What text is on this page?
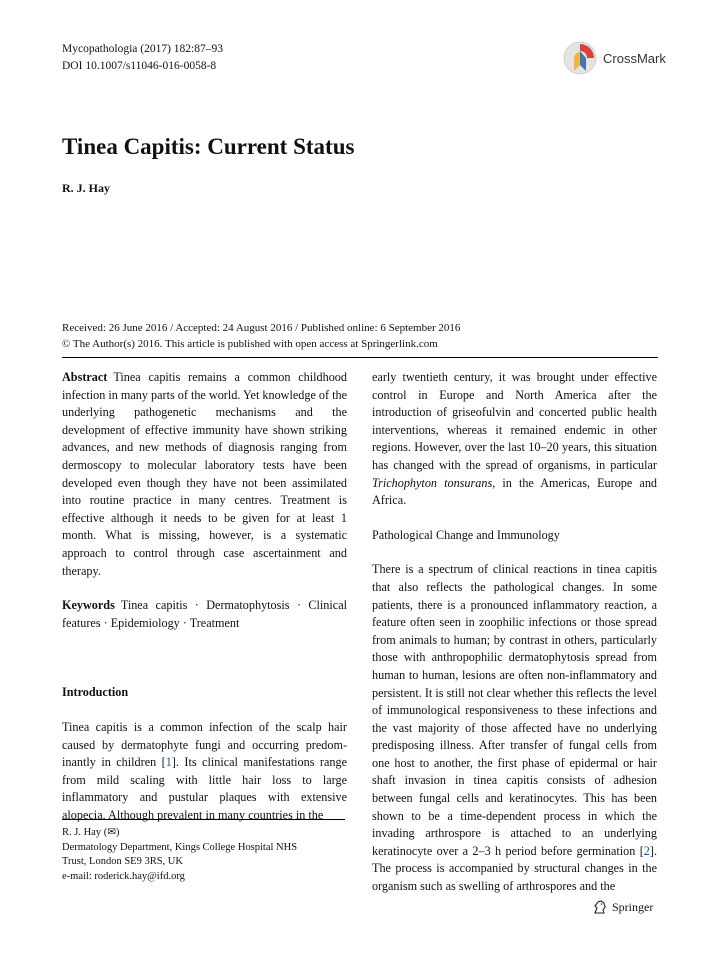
Mycopathologia (2017) 182:87–93
DOI 10.1007/s11046-016-0058-8	CrossMark
Tinea Capitis: Current Status
R. J. Hay
Received: 26 June 2016 / Accepted: 24 August 2016 / Published online: 6 September 2016
© The Author(s) 2016. This article is published with open access at Springerlink.com

Abstract Tinea capitis remains a common childhood infection in many parts of the world. Yet knowledge of the underlying pathogenetic mechanisms and the development of effective immunity have shown striking advances, and new methods of diagnosis ranging from dermoscopy to molecular laboratory tests have been developed even though they have not been assimilated into routine practice in many centres. Treatment is effective although it needs to be given for at least 1 month. What is missing, however, is a systematic approach to control through case ascertainment and therapy.

Keywords Tinea capitis · Dermatophytosis · Clinical features · Epidemiology · Treatment

Introduction

Tinea capitis is a common infection of the scalp hair caused by dermatophyte fungi and occurring predominantly in children [1]. Its clinical manifestations range from mild scaling with little hair loss to large inflammatory and pustular plaques with extensive alopecia. Although prevalent in many countries in the

early twentieth century, it was brought under effective control in Europe and North America after the introduction of griseofulvin and concerted public health interventions, whereas it remained endemic in other regions. However, over the last 10–20 years, this situation has changed with the spread of organisms, in particular Trichophyton tonsurans, in the Americas, Europe and Africa.

Pathological Change and Immunology

There is a spectrum of clinical reactions in tinea capitis that also reflects the pathological changes. In some patients, there is a pronounced inflammatory reaction, a feature often seen in zoophilic infections or those spread from animals to human; by contrast in others, particularly those with anthropophilic dermatophytosis spread from human to human, lesions are often non-inflammatory and persistent. It is still not clear whether this reflects the level of immunological responsiveness to these infections and the vast majority of those affected have no underlying predisposing illness. After transfer of fungal cells from one host to another, the first phase of epidermal or hair shaft invasion in tinea capitis consists of adhesion between fungal cells and keratinocytes. This has been shown to be a time-dependent process in which the invading arthrospore is attached to an underlying keratinocyte over a 2–3 h period before germination [2]. The process is accompanied by structural changes in the organism such as swelling of arthrospores and the

R. J. Hay (✉)
Dermatology Department, Kings College Hospital NHS
Trust, London SE9 3RS, UK
e-mail: roderick.hay@ifd.org
Springer
